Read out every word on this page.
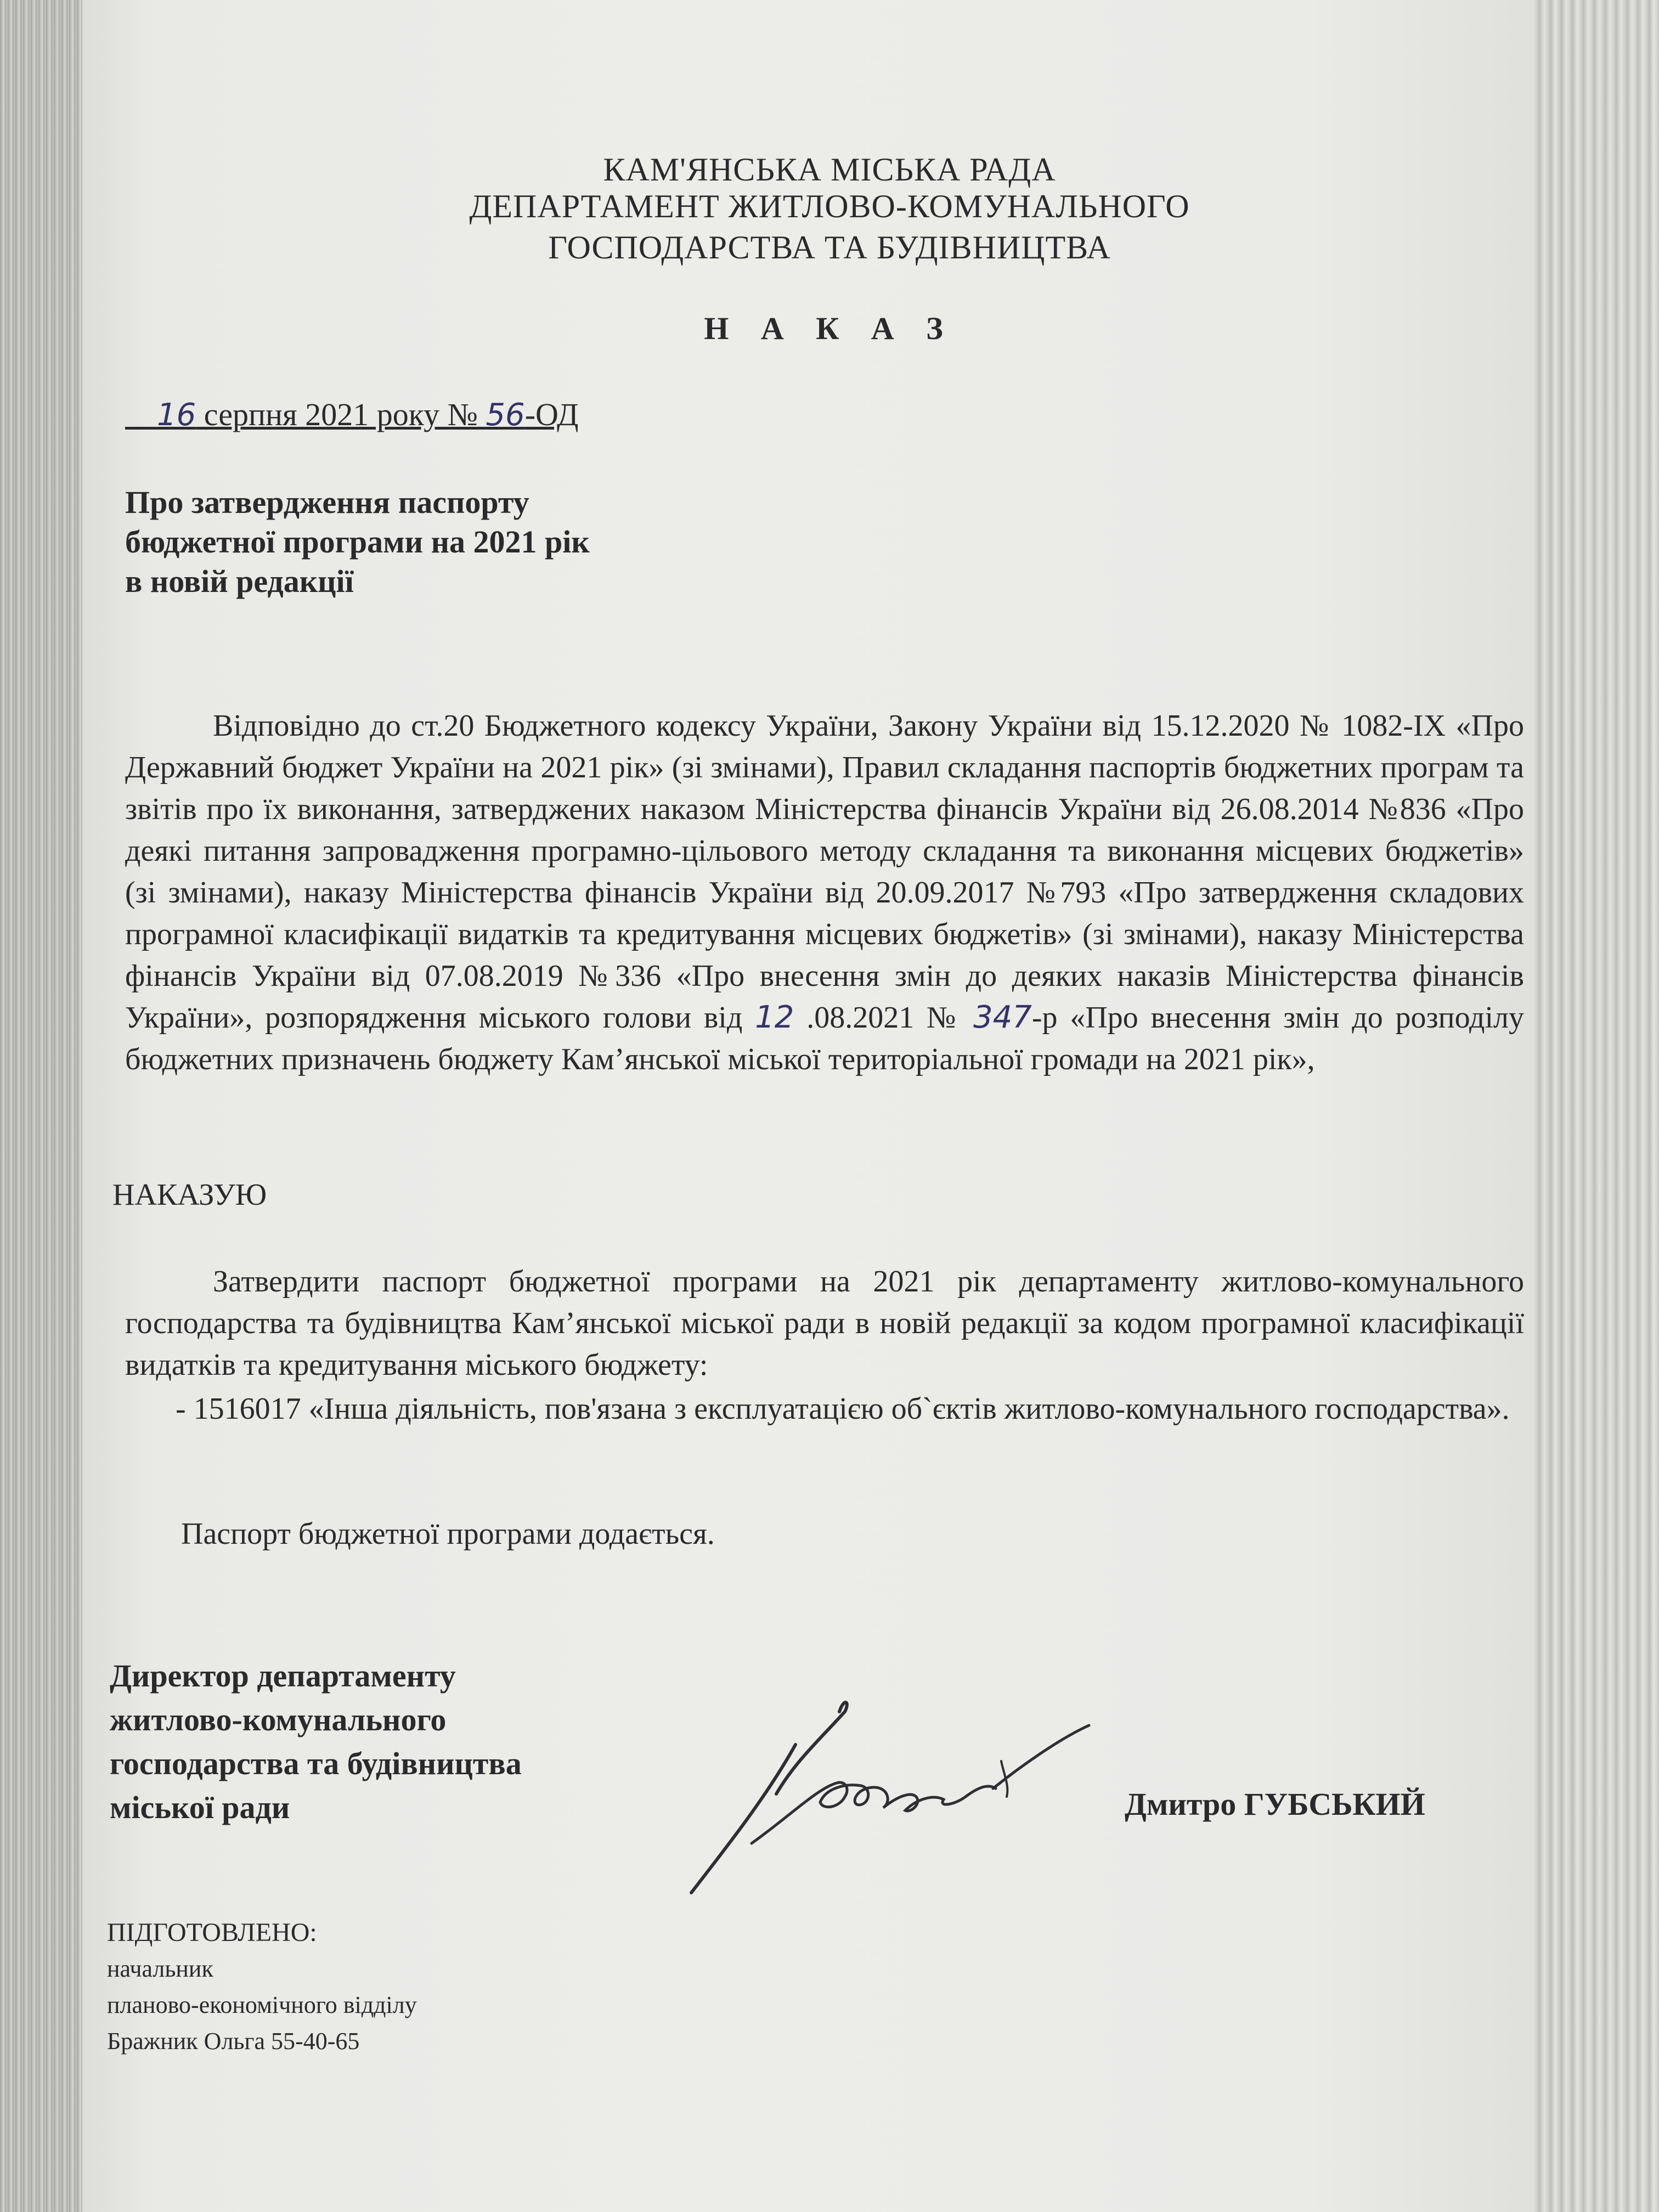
КАМ'ЯНСЬКА МІСЬКА РАДА
ДЕПАРТАМЕНТ ЖИТЛОВО-КОМУНАЛЬНОГО
ГОСПОДАРСТВА ТА БУДІВНИЦТВА
Н А К А З
16 серпня 2021 року № 56-ОД
Про затвердження паспорту
бюджетної програми на 2021 рік
в новій редакції
Відповідно до ст.20 Бюджетного кодексу України, Закону України від 15.12.2020 № 1082-IX «Про Державний бюджет України на 2021 рік» (зі змінами), Правил складання паспортів бюджетних програм та звітів про їх виконання, затверджених наказом Міністерства фінансів України від 26.08.2014 №836 «Про деякі питання запровадження програмно-цільового методу складання та виконання місцевих бюджетів» (зі змінами), наказу Міністерства фінансів України від 20.09.2017 №793 «Про затвердження складових програмної класифікації видатків та кредитування місцевих бюджетів» (зі змінами), наказу Міністерства фінансів України від 07.08.2019 №336 «Про внесення змін до деяких наказів Міністерства фінансів України», розпорядження міського голови від 12 .08.2021 № 347-р «Про внесення змін до розподілу бюджетних призначень бюджету Кам’янської міської територіальної громади на 2021 рік»,
НАКАЗУЮ
Затвердити паспорт бюджетної програми на 2021 рік департаменту житлово-комунального господарства та будівництва Кам’янської міської ради в новій редакції за кодом програмної класифікації видатків та кредитування міського бюджету:
- 1516017 «Інша діяльність, пов'язана з експлуатацією об`єктів житлово-комунального господарства».
Паспорт бюджетної програми додається.
Директор департаменту
житлово-комунального
господарства та будівництва
міської ради	Дмитро ГУБСЬКИЙ
ПІДГОТОВЛЕНО:
начальник
планово-економічного відділу
Бражник Ольга 55-40-65
